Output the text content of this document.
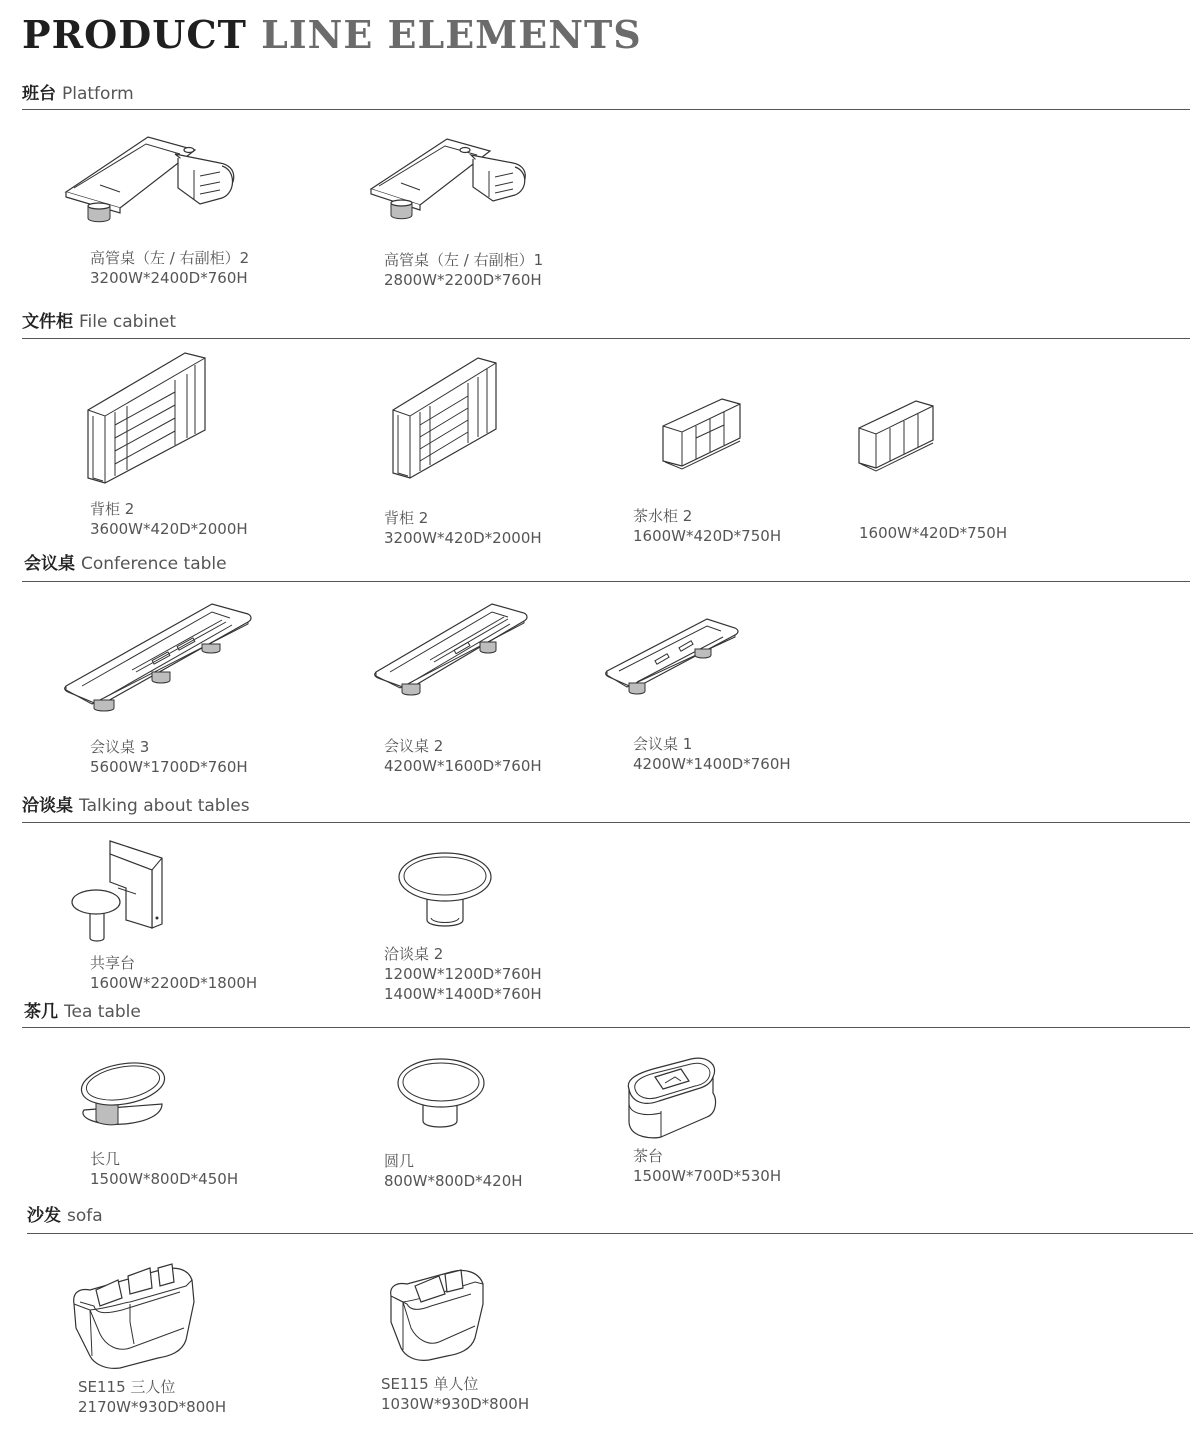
PRODUCT LINE ELEMENTS
班台 Platform
高管桌（左 / 右副柜）2
3200W*2400D*760H
高管桌（左 / 右副柜）1
2800W*2200D*760H
文件柜 File cabinet
背柜 2
3600W*420D*2000H
背柜 2
3200W*420D*2000H
茶水柜 2
1600W*420D*750H	1600W*420D*750H
会议桌 Conference table
会议桌 3
5600W*1700D*760H
会议桌 2
4200W*1600D*760H
会议桌 1
4200W*1400D*760H
洽谈桌 Talking about tables
共享台
1600W*2200D*1800H
洽谈桌 2
1200W*1200D*760H
1400W*1400D*760H
茶几 Tea table
长几
1500W*800D*450H
圆几
800W*800D*420H
茶台
1500W*700D*530H
沙发 sofa
SE115 三人位
2170W*930D*800H
SE115 单人位
1030W*930D*800H
